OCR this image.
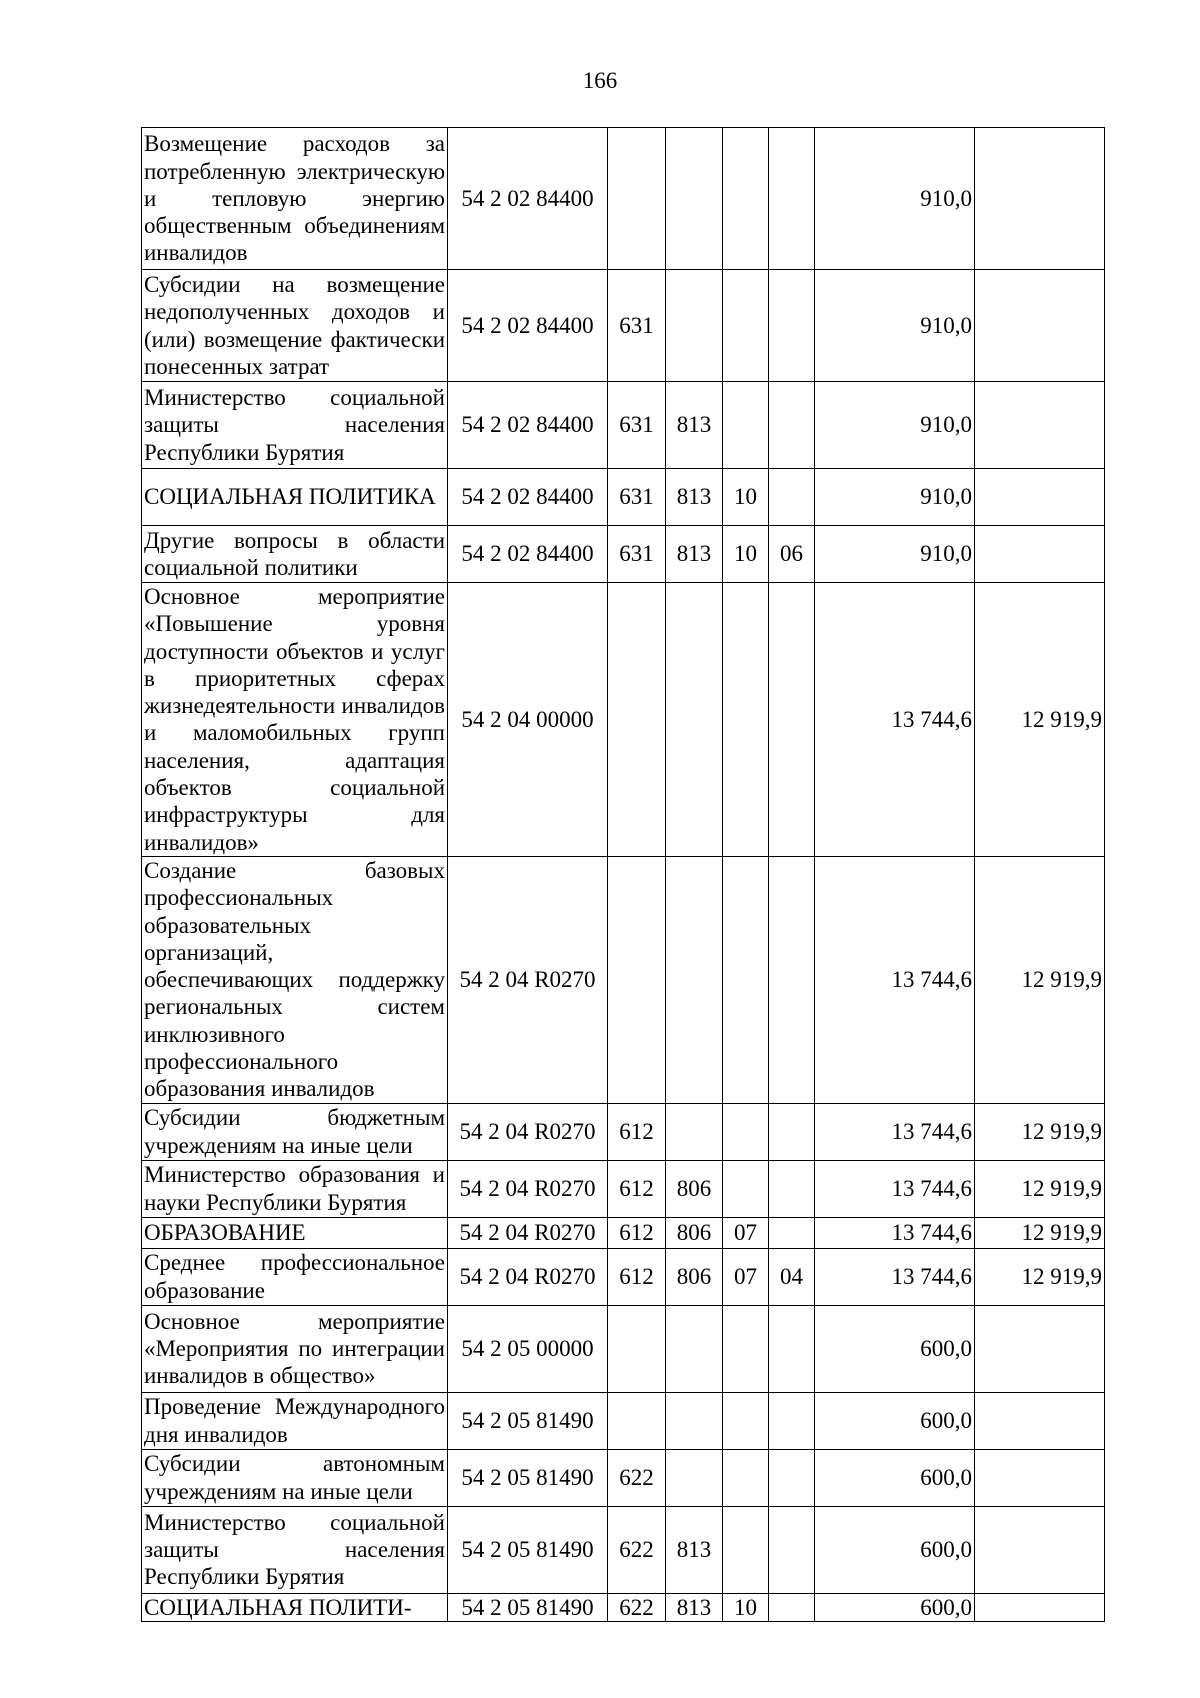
166
Возмещение расходов за потребленную электрическую и тепловую энергию общественным объединениям инвалидов	54 2 02 84400					910,0	
Субсидии на возмещение недополученных доходов и (или) возмещение фактически понесенных затрат	54 2 02 84400	631				910,0	
Министерство социальной защиты населения Республики Бурятия	54 2 02 84400	631	813			910,0	
СОЦИАЛЬНАЯ ПОЛИТИКА	54 2 02 84400	631	813	10		910,0	
Другие вопросы в области социальной политики	54 2 02 84400	631	813	10	06	910,0	
Основное мероприятие «Повышение уровня доступности объектов и услуг в приоритетных сферах жизнедеятельности инвалидов и маломобильных групп населения, адаптация объектов социальной инфраструктуры для инвалидов»	54 2 04 00000					13 744,6	12 919,9
Создание базовых профессиональных образовательных организаций, обеспечивающих поддержку региональных систем инклюзивного профессионального образования инвалидов	54 2 04 R0270					13 744,6	12 919,9
Субсидии бюджетным учреждениям на иные цели	54 2 04 R0270	612				13 744,6	12 919,9
Министерство образования и науки Республики Бурятия	54 2 04 R0270	612	806			13 744,6	12 919,9
ОБРАЗОВАНИЕ	54 2 04 R0270	612	806	07		13 744,6	12 919,9
Среднее профессиональное образование	54 2 04 R0270	612	806	07	04	13 744,6	12 919,9
Основное мероприятие «Мероприятия по интеграции инвалидов в общество»	54 2 05 00000					600,0	
Проведение Международного дня инвалидов	54 2 05 81490					600,0	
Субсидии автономным учреждениям на иные цели	54 2 05 81490	622				600,0	
Министерство социальной защиты населения Республики Бурятия	54 2 05 81490	622	813			600,0	
СОЦИАЛЬНАЯ ПОЛИТИ-	54 2 05 81490	622	813	10		600,0	
